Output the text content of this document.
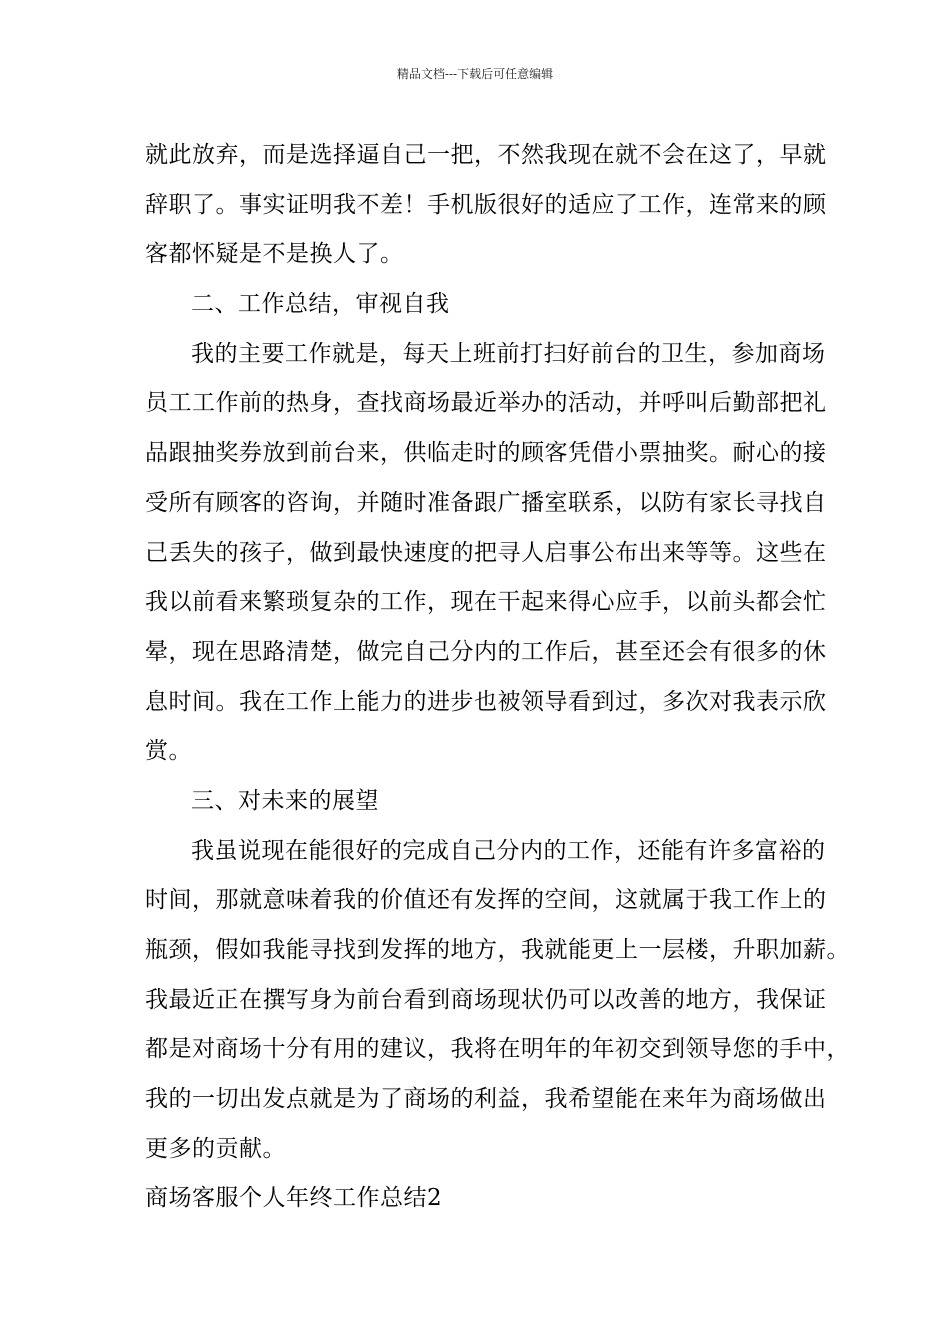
精品文档---下载后可任意编辑
就此放弃，而是选择逼自己一把，不然我现在就不会在这了，早就
辞职了。事实证明我不差！手机版很好的适应了工作，连常来的顾
客都怀疑是不是换人了。
二、工作总结，审视自我
我的主要工作就是，每天上班前打扫好前台的卫生，参加商场
员工工作前的热身，查找商场最近举办的活动，并呼叫后勤部把礼
品跟抽奖券放到前台来，供临走时的顾客凭借小票抽奖。耐心的接
受所有顾客的咨询，并随时准备跟广播室联系，以防有家长寻找自
己丢失的孩子，做到最快速度的把寻人启事公布出来等等。这些在
我以前看来繁琐复杂的工作，现在干起来得心应手，以前头都会忙
晕，现在思路清楚，做完自己分内的工作后，甚至还会有很多的休
息时间。我在工作上能力的进步也被领导看到过，多次对我表示欣
赏。
三、对未来的展望
我虽说现在能很好的完成自己分内的工作，还能有许多富裕的
时间，那就意味着我的价值还有发挥的空间，这就属于我工作上的
瓶颈，假如我能寻找到发挥的地方，我就能更上一层楼，升职加薪。
我最近正在撰写身为前台看到商场现状仍可以改善的地方，我保证
都是对商场十分有用的建议，我将在明年的年初交到领导您的手中，
我的一切出发点就是为了商场的利益，我希望能在来年为商场做出
更多的贡献。
商场客服个人年终工作总结2
